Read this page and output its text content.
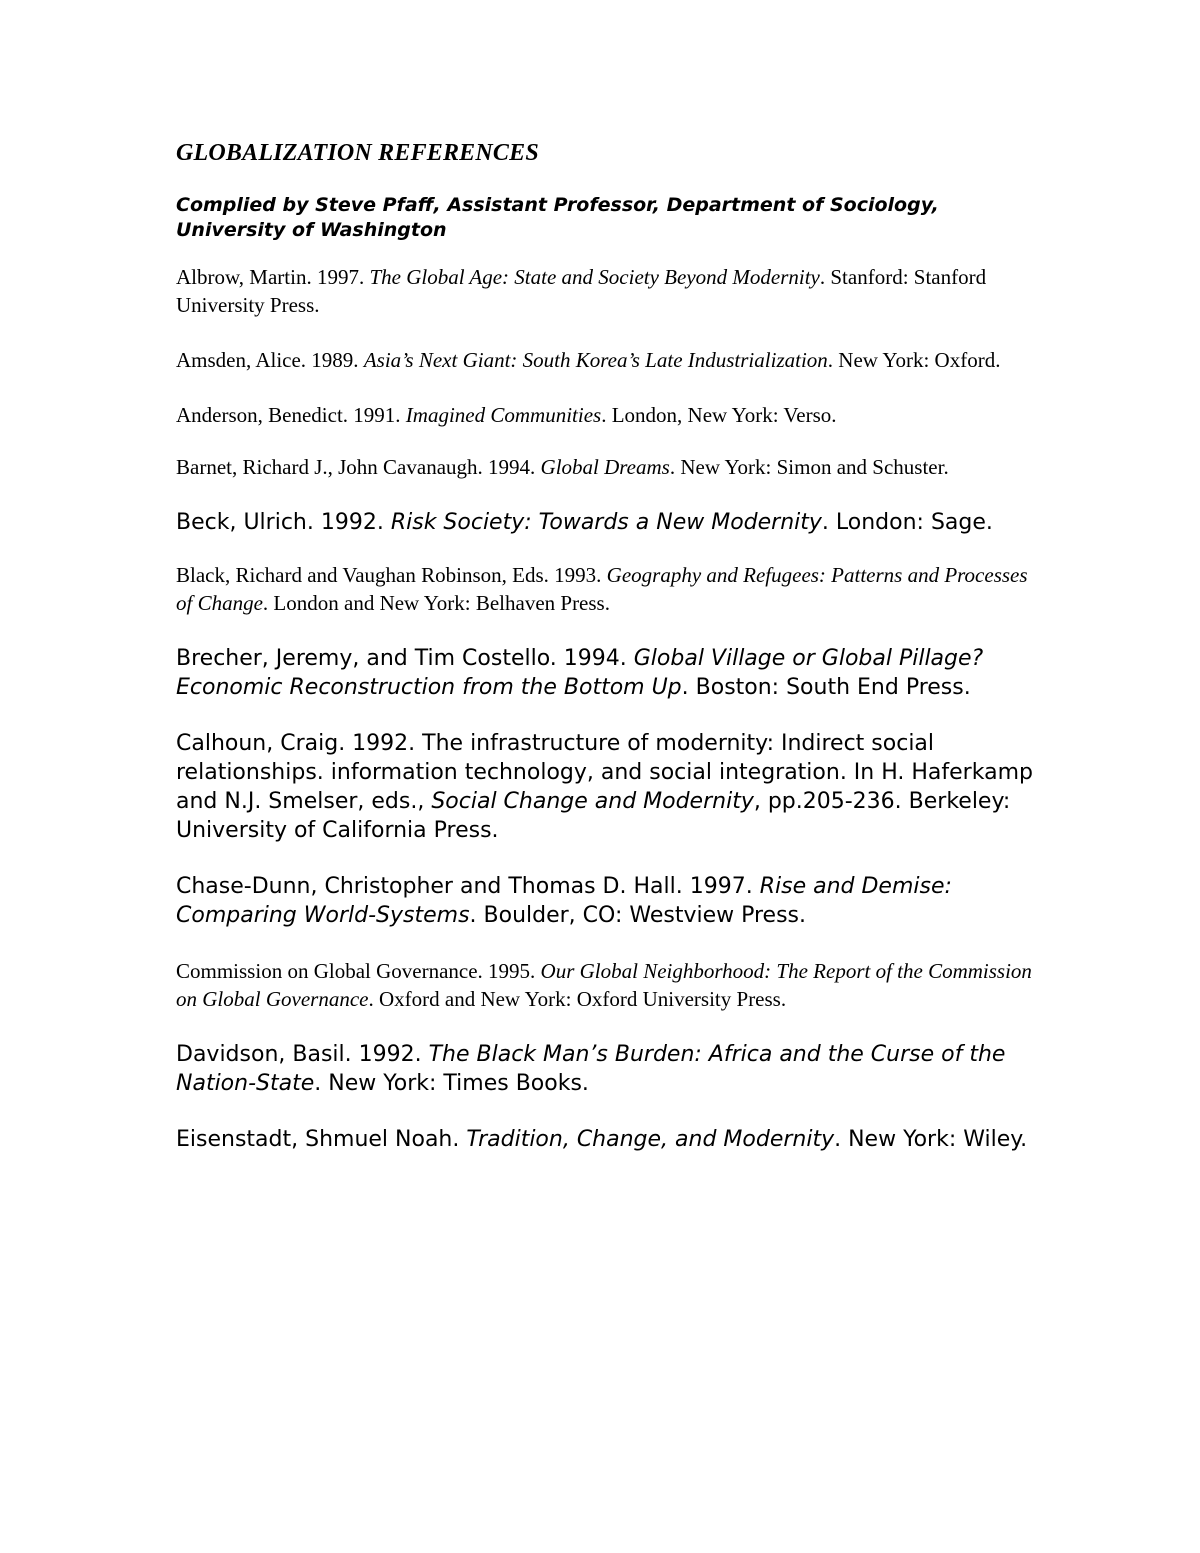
GLOBALIZATION REFERENCES

Complied by Steve Pfaff, Assistant Professor, Department of Sociology, University of Washington

Albrow, Martin. 1997. The Global Age: State and Society Beyond Modernity. Stanford: Stanford University Press.

Amsden, Alice. 1989. Asia’s Next Giant: South Korea’s Late Industrialization. New York: Oxford.

Anderson, Benedict. 1991. Imagined Communities. London, New York: Verso.

Barnet, Richard J., John Cavanaugh. 1994. Global Dreams. New York: Simon and Schuster.

Beck, Ulrich. 1992. Risk Society: Towards a New Modernity. London: Sage.

Black, Richard and Vaughan Robinson, Eds. 1993. Geography and Refugees: Patterns and Processes of Change. London and New York: Belhaven Press.

Brecher, Jeremy, and Tim Costello. 1994. Global Village or Global Pillage? Economic Reconstruction from the Bottom Up. Boston: South End Press.

Calhoun, Craig. 1992. The infrastructure of modernity: Indirect social relationships. information technology, and social integration. In H. Haferkamp and N.J. Smelser, eds., Social Change and Modernity, pp.205-236. Berkeley: University of California Press.

Chase-Dunn, Christopher and Thomas D. Hall. 1997. Rise and Demise: Comparing World-Systems. Boulder, CO: Westview Press.

Commission on Global Governance. 1995. Our Global Neighborhood: The Report of the Commission on Global Governance. Oxford and New York: Oxford University Press.

Davidson, Basil. 1992. The Black Man’s Burden: Africa and the Curse of the Nation-State. New York: Times Books.

Eisenstadt, Shmuel Noah. Tradition, Change, and Modernity. New York: Wiley.
